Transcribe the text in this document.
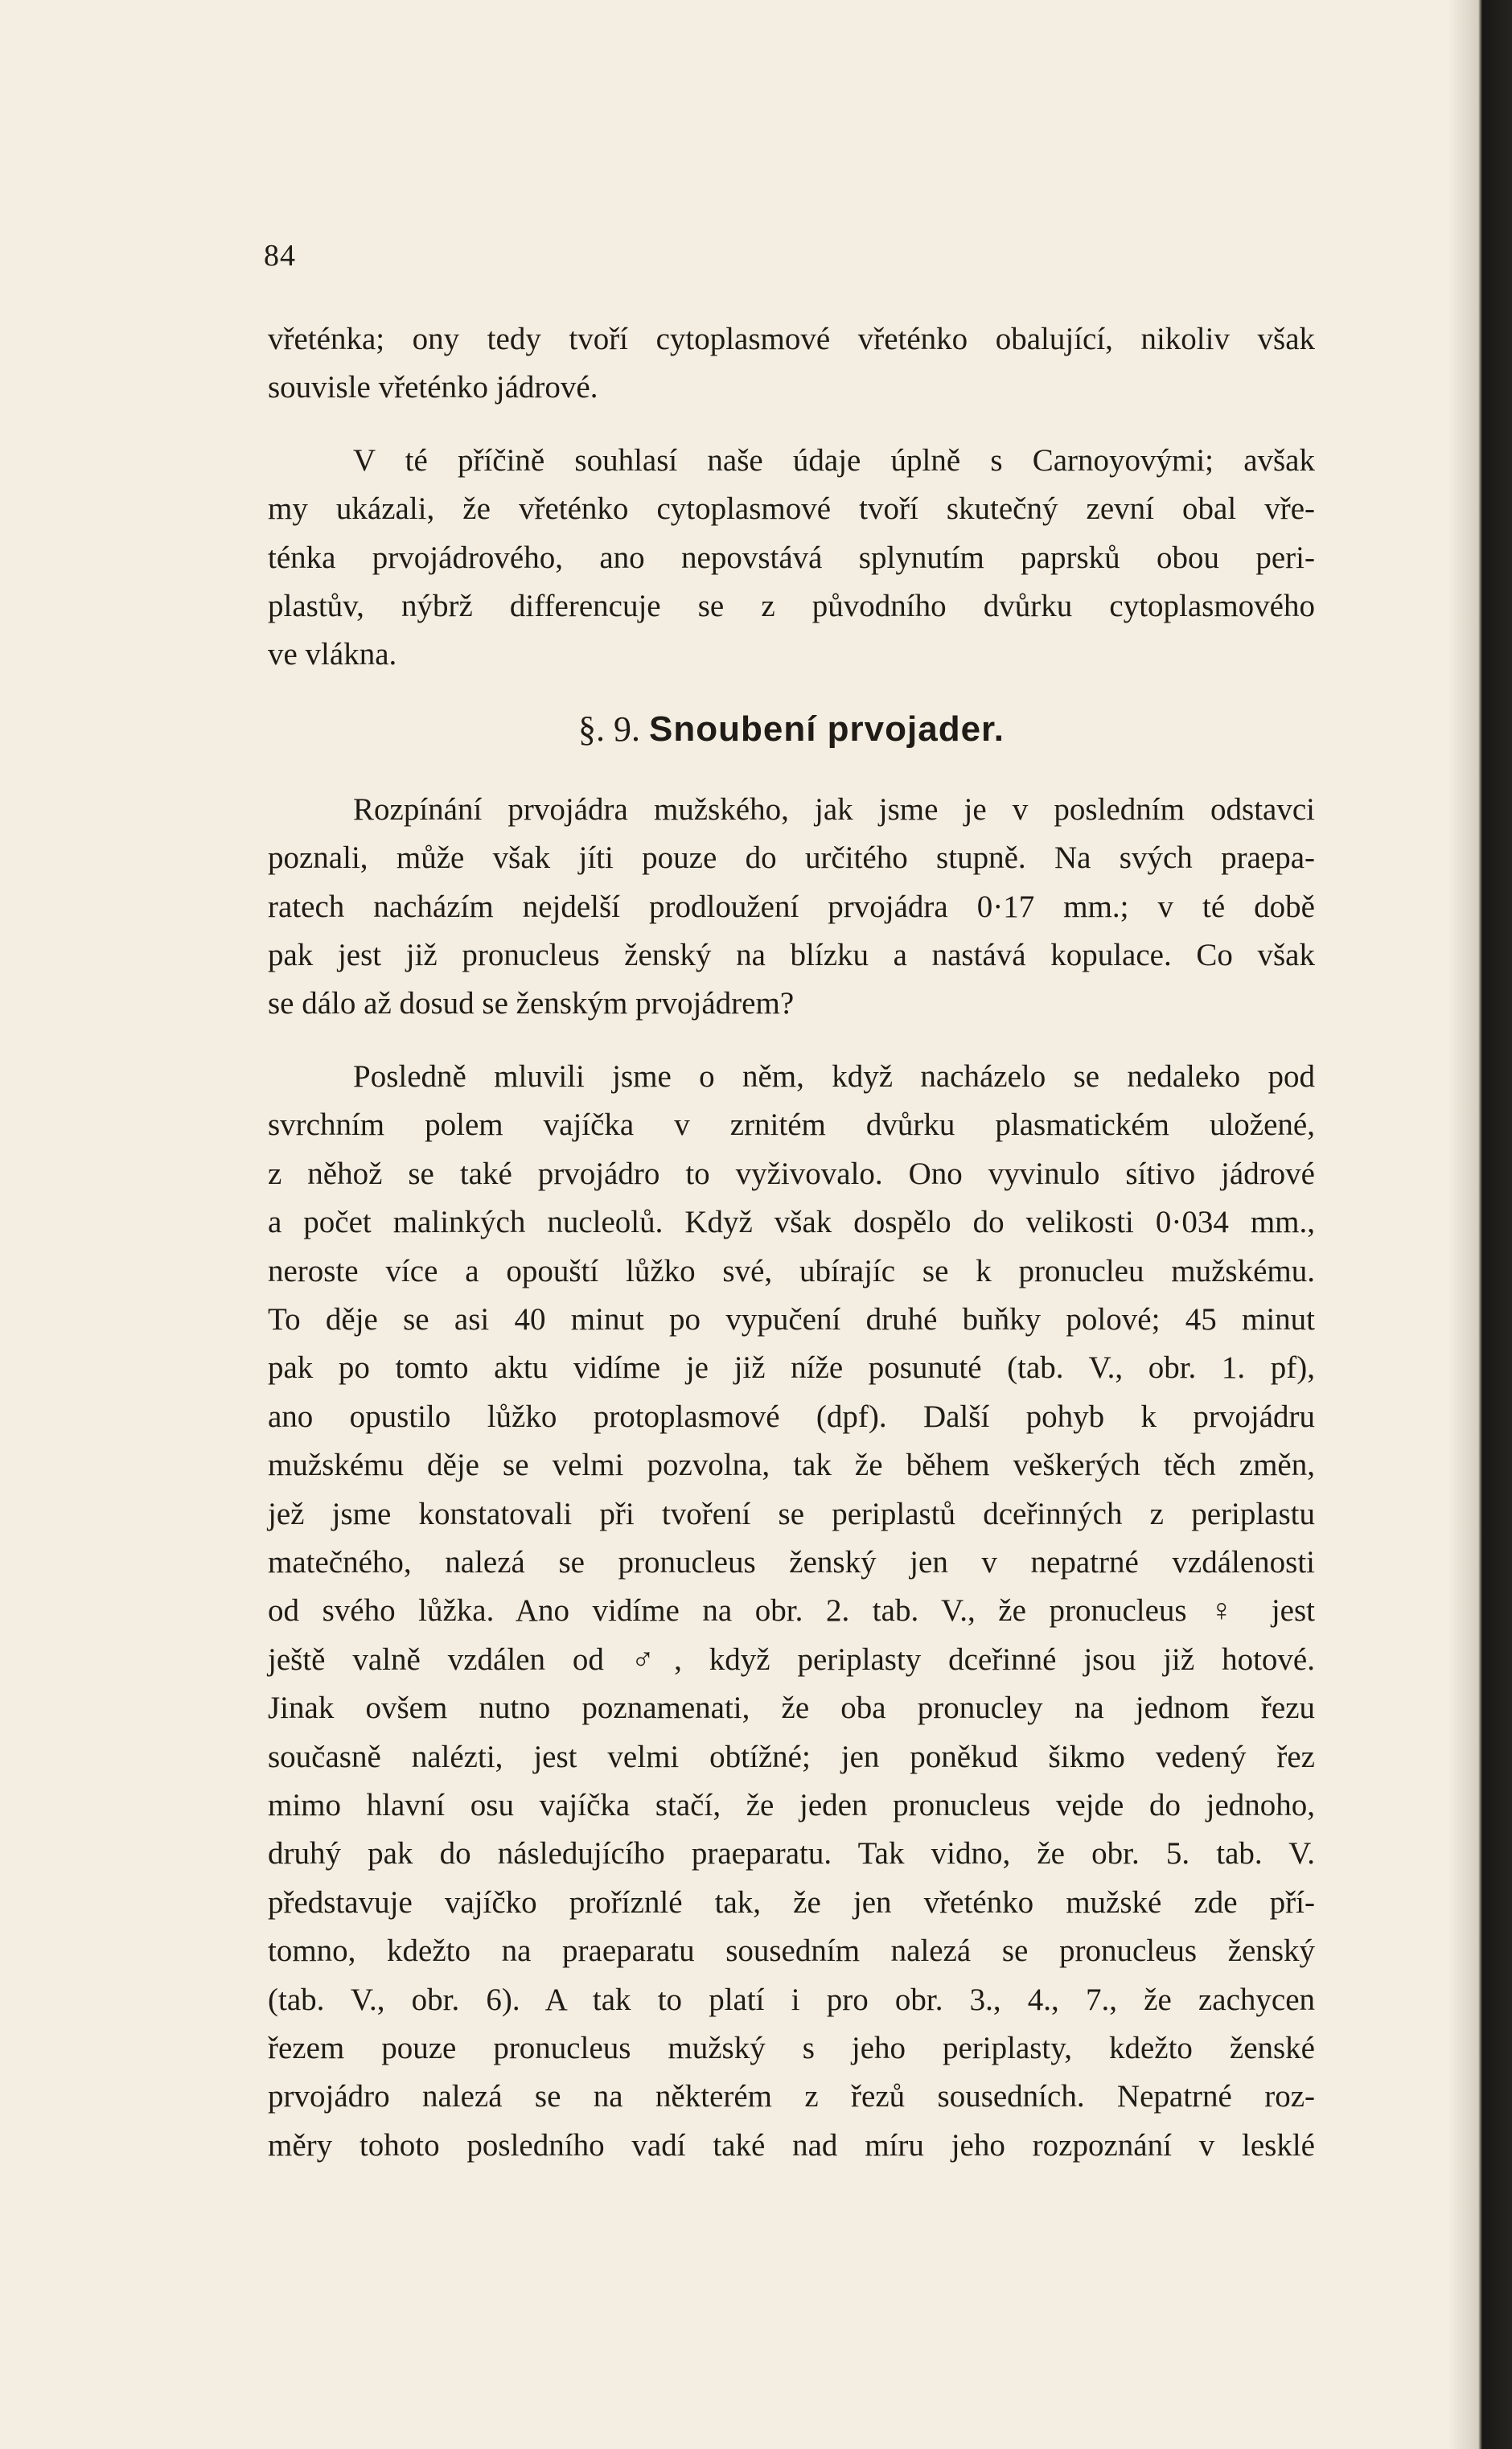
84

vřeténka; ony tedy tvoří cytoplasmové vřeténko obalující, nikoliv však
souvisle vřeténko jádrové.

V té příčině souhlasí naše údaje úplně s Carnoyovými; avšak
my ukázali, že vřeténko cytoplasmové tvoří skutečný zevní obal vře-
ténka prvojádrového, ano nepovstává splynutím paprsků obou peri-
plastův, nýbrž differencuje se z původního dvůrku cytoplasmového
ve vlákna.

§. 9. Snoubení prvojader.

Rozpínání prvojádra mužského, jak jsme je v posledním odstavci
poznali, může však jíti pouze do určitého stupně. Na svých praepa-
ratech nacházím nejdelší prodloužení prvojádra 0·17 mm.; v té době
pak jest již pronucleus ženský na blízku a nastává kopulace. Co však
se dálo až dosud se ženským prvojádrem?

Posledně mluvili jsme o něm, když nacházelo se nedaleko pod
svrchním polem vajíčka v zrnitém dvůrku plasmatickém uložené,
z něhož se také prvojádro to vyživovalo. Ono vyvinulo sítivo jádrové
a počet malinkých nucleolů. Když však dospělo do velikosti 0·034 mm.,
neroste více a opouští lůžko své, ubírajíc se k pronucleu mužskému.
To děje se asi 40 minut po vypučení druhé buňky polové; 45 minut
pak po tomto aktu vidíme je již níže posunuté (tab. V., obr. 1. pf),
ano opustilo lůžko protoplasmové (dpf). Další pohyb k prvojádru
mužskému děje se velmi pozvolna, tak že během veškerých těch změn,
jež jsme konstatovali při tvoření se periplastů dceřinných z periplastu
matečného, nalezá se pronucleus ženský jen v nepatrné vzdálenosti
od svého lůžka. Ano vidíme na obr. 2. tab. V., že pronucleus ♀ jest
ještě valně vzdálen od ♂, když periplasty dceřinné jsou již hotové.
Jinak ovšem nutno poznamenati, že oba pronucley na jednom řezu
současně nalézti, jest velmi obtížné; jen poněkud šikmo vedený řez
mimo hlavní osu vajíčka stačí, že jeden pronucleus vejde do jednoho,
druhý pak do následujícího praeparatu. Tak vidno, že obr. 5. tab. V.
představuje vajíčko proříznlé tak, že jen vřeténko mužské zde pří-
tomno, kdežto na praeparatu sousedním nalezá se pronucleus ženský
(tab. V., obr. 6). A tak to platí i pro obr. 3., 4., 7., že zachycen
řezem pouze pronucleus mužský s jeho periplasty, kdežto ženské
prvojádro nalezá se na některém z řezů sousedních. Nepatrné roz-
měry tohoto posledního vadí také nad míru jeho rozpoznání v lesklé
